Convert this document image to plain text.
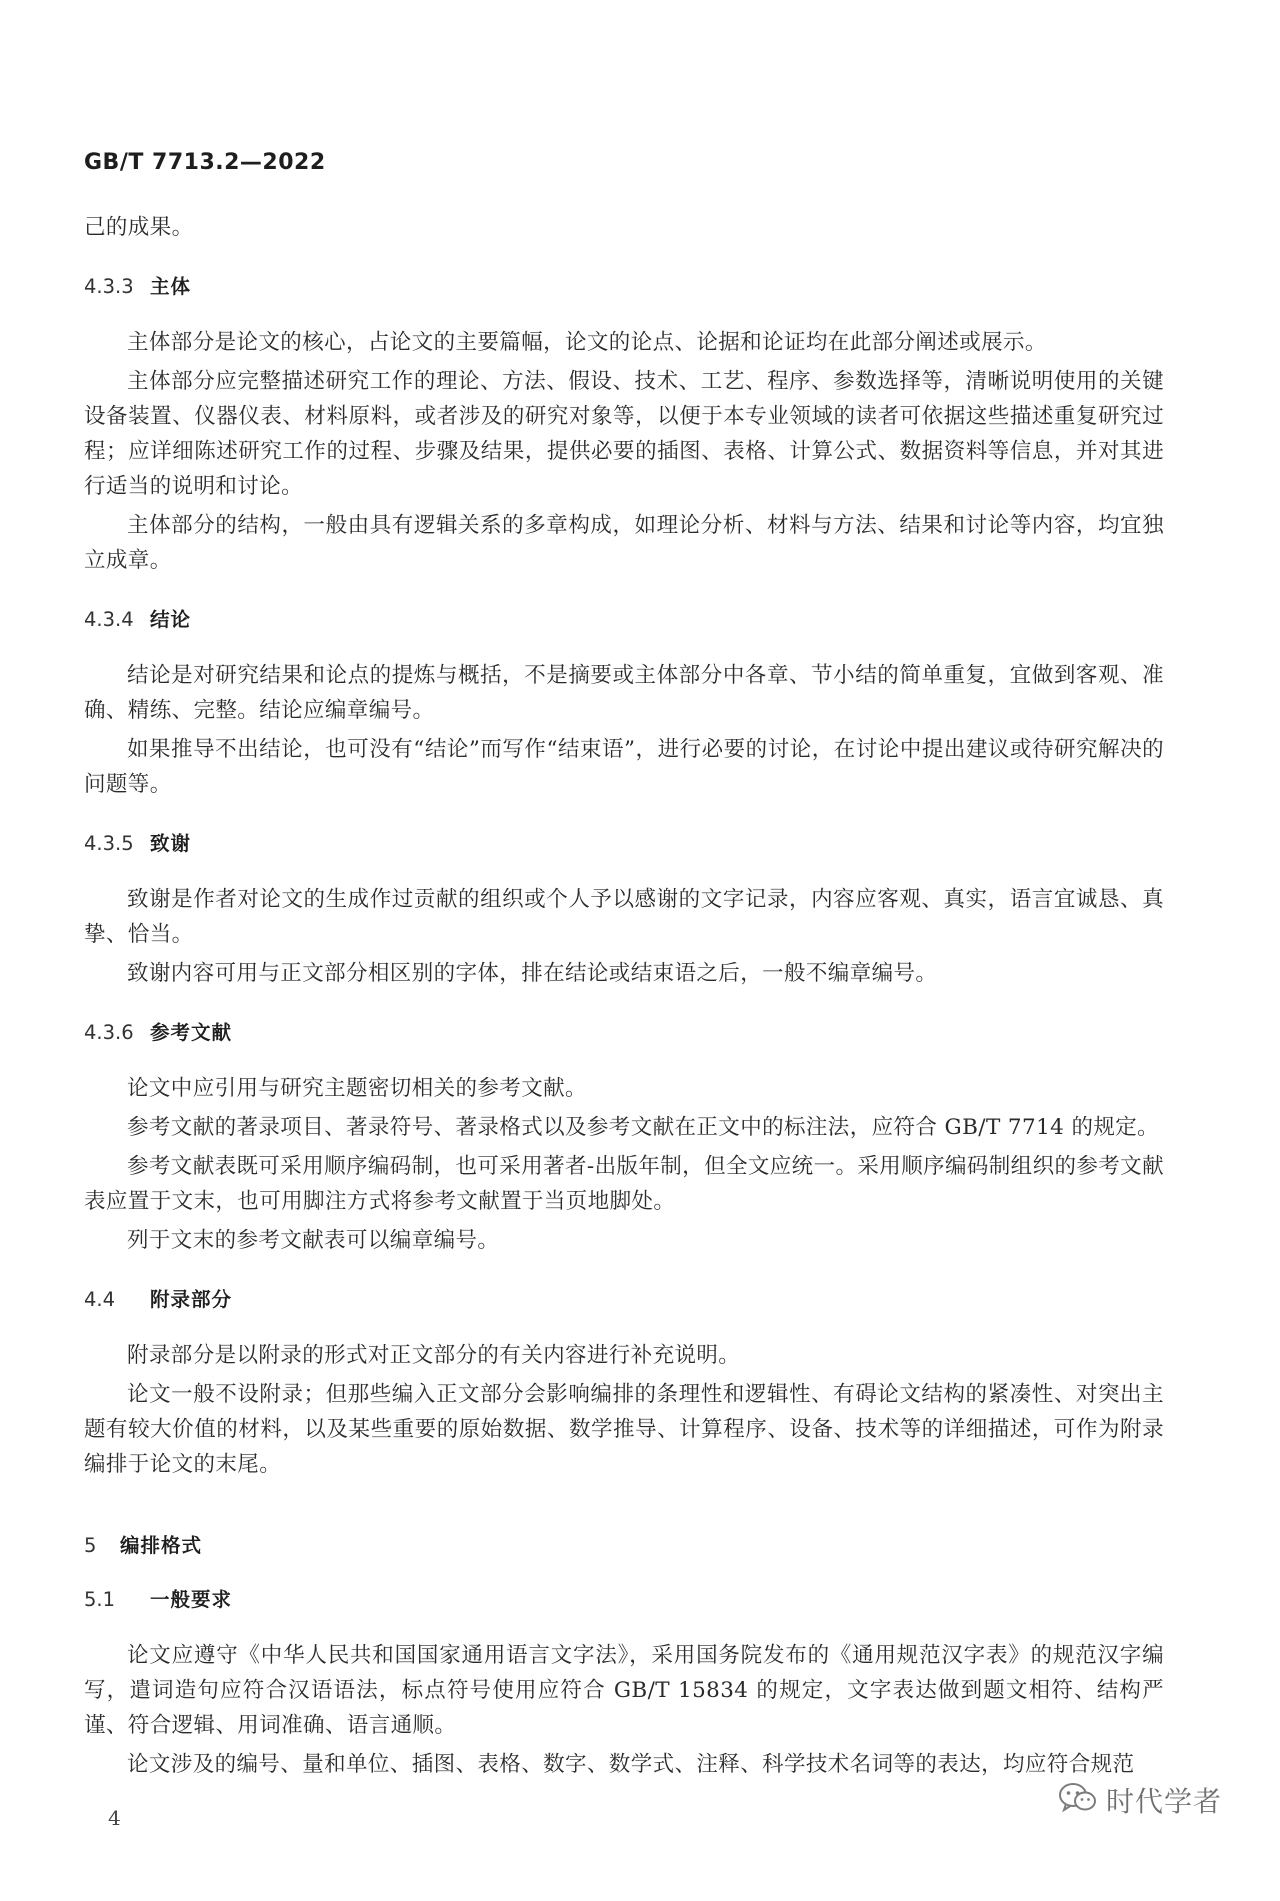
GB/T 7713.2—2022

己的成果。

4.3.3 主体

主体部分是论文的核心，占论文的主要篇幅，论文的论点、论据和论证均在此部分阐述或展示。

主体部分应完整描述研究工作的理论、方法、假设、技术、工艺、程序、参数选择等，清晰说明使用的关键设备装置、仪器仪表、材料原料，或者涉及的研究对象等，以便于本专业领域的读者可依据这些描述重复研究过程；应详细陈述研究工作的过程、步骤及结果，提供必要的插图、表格、计算公式、数据资料等信息，并对其进行适当的说明和讨论。

主体部分的结构，一般由具有逻辑关系的多章构成，如理论分析、材料与方法、结果和讨论等内容，均宜独立成章。

4.3.4 结论

结论是对研究结果和论点的提炼与概括，不是摘要或主体部分中各章、节小结的简单重复，宜做到客观、准确、精练、完整。结论应编章编号。

如果推导不出结论，也可没有“结论”而写作“结束语”，进行必要的讨论，在讨论中提出建议或待研究解决的问题等。

4.3.5 致谢

致谢是作者对论文的生成作过贡献的组织或个人予以感谢的文字记录，内容应客观、真实，语言宜诚恳、真挚、恰当。

致谢内容可用与正文部分相区别的字体，排在结论或结束语之后，一般不编章编号。

4.3.6 参考文献

论文中应引用与研究主题密切相关的参考文献。

参考文献的著录项目、著录符号、著录格式以及参考文献在正文中的标注法，应符合 GB/T 7714 的规定。

参考文献表既可采用顺序编码制，也可采用著者-出版年制，但全文应统一。采用顺序编码制组织的参考文献表应置于文末，也可用脚注方式将参考文献置于当页地脚处。

列于文末的参考文献表可以编章编号。

4.4	附录部分

附录部分是以附录的形式对正文部分的有关内容进行补充说明。

论文一般不设附录；但那些编入正文部分会影响编排的条理性和逻辑性、有碍论文结构的紧凑性、对突出主题有较大价值的材料，以及某些重要的原始数据、数学推导、计算程序、设备、技术等的详细描述，可作为附录编排于论文的末尾。

5	编排格式
5.1	一般要求

论文应遵守《中华人民共和国国家通用语言文字法》，采用国务院发布的《通用规范汉字表》的规范汉字编写，遣词造句应符合汉语语法，标点符号使用应符合 GB/T 15834 的规定，文字表达做到题文相符、结构严谨、符合逻辑、用词准确、语言通顺。

论文涉及的编号、量和单位、插图、表格、数字、数学式、注释、科学技术名词等的表达，均应符合规范

4	时代学者
